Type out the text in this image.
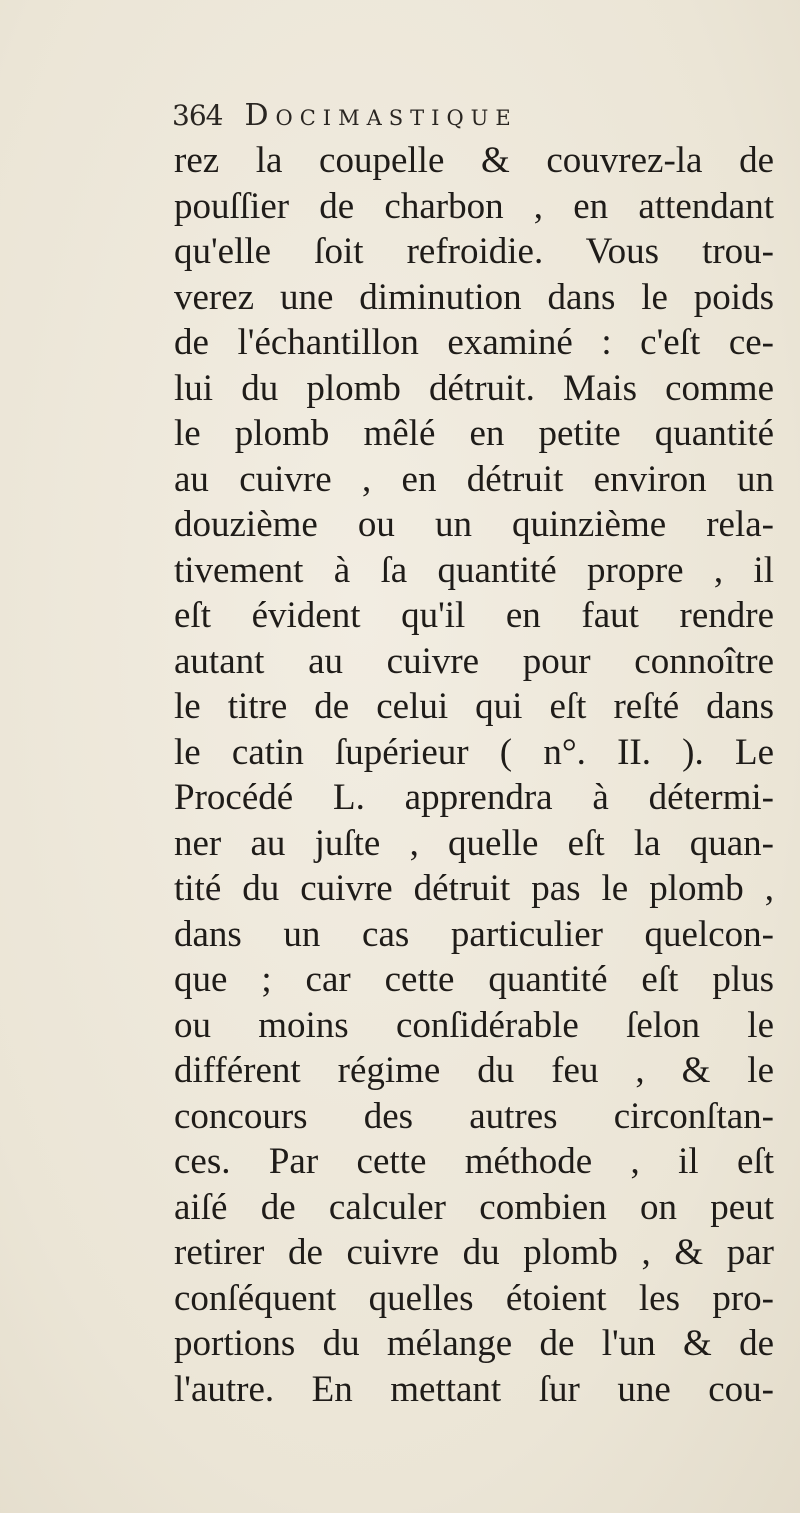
364 Docimastique
rez la coupelle & couvrez-la de
pouſſier de charbon , en attendant
qu'elle ſoit refroidie. Vous trou-
verez une diminution dans le poids
de l'échantillon examiné : c'eſt ce-
lui du plomb détruit. Mais comme
le plomb mêlé en petite quantité
au cuivre , en détruit environ un
douzième ou un quinzième rela-
tivement à ſa quantité propre , il
eſt évident qu'il en faut rendre
autant au cuivre pour connoître
le titre de celui qui eſt reſté dans
le catin ſupérieur ( n°. II. ). Le
Procédé L. apprendra à détermi-
ner au juſte , quelle eſt la quan-
tité du cuivre détruit pas le plomb ,
dans un cas particulier quelcon-
que ; car cette quantité eſt plus
ou moins conſidérable ſelon le
différent régime du feu , & le
concours des autres circonſtan-
ces. Par cette méthode , il eſt
aiſé de calculer combien on peut
retirer de cuivre du plomb , & par
conſéquent quelles étoient les pro-
portions du mélange de l'un & de
l'autre. En mettant ſur une cou-
